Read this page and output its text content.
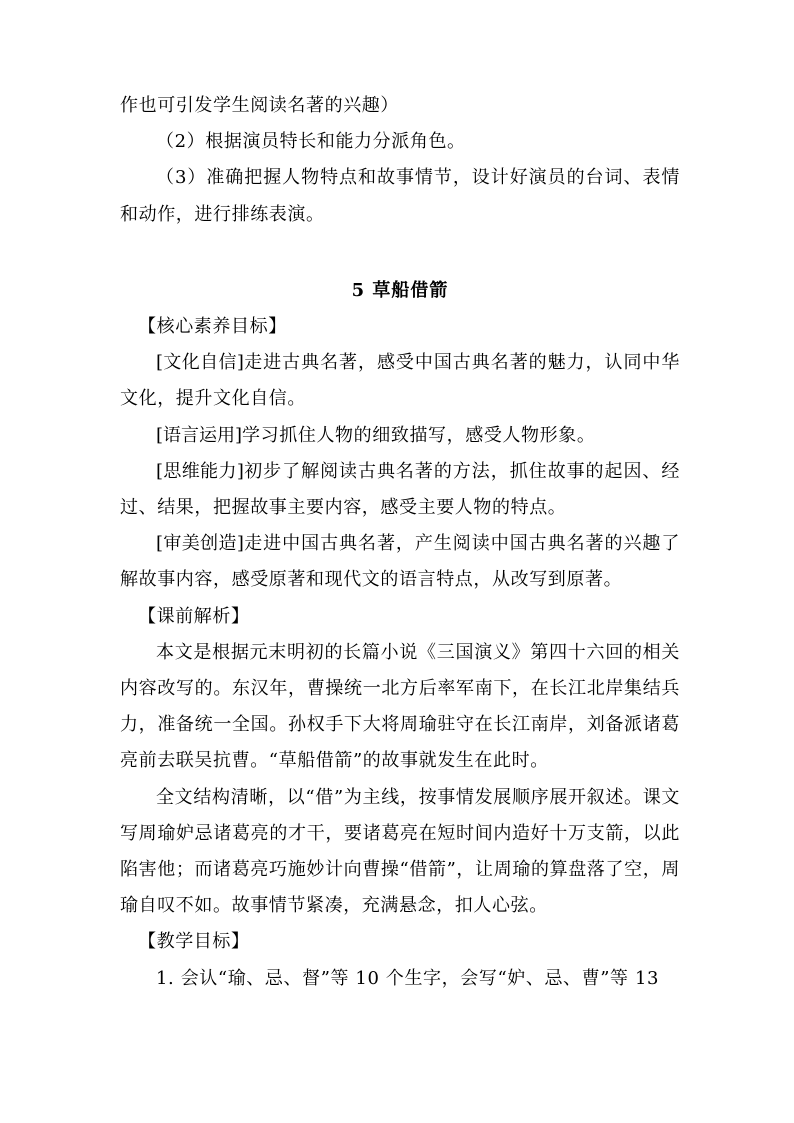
作也可引发学生阅读名著的兴趣）

（2）根据演员特长和能力分派角色。

（3）准确把握人物特点和故事情节，设计好演员的台词、表情和动作，进行排练表演。

5 草船借箭

【核心素养目标】

[文化自信]走进古典名著，感受中国古典名著的魅力，认同中华文化，提升文化自信。

[语言运用]学习抓住人物的细致描写，感受人物形象。

[思维能力]初步了解阅读古典名著的方法，抓住故事的起因、经过、结果，把握故事主要内容，感受主要人物的特点。

[审美创造]走进中国古典名著，产生阅读中国古典名著的兴趣了解故事内容，感受原著和现代文的语言特点，从改写到原著。

【课前解析】

本文是根据元末明初的长篇小说《三国演义》第四十六回的相关内容改写的。东汉年，曹操统一北方后率军南下，在长江北岸集结兵力，准备统一全国。孙权手下大将周瑜驻守在长江南岸，刘备派诸葛亮前去联吴抗曹。“草船借箭”的故事就发生在此时。

全文结构清晰，以“借”为主线，按事情发展顺序展开叙述。课文写周瑜妒忌诸葛亮的才干，要诸葛亮在短时间内造好十万支箭，以此陷害他；而诸葛亮巧施妙计向曹操“借箭”，让周瑜的算盘落了空，周瑜自叹不如。故事情节紧凑，充满悬念，扣人心弦。

【教学目标】

1. 会认“瑜、忌、督”等 10 个生字，会写“妒、忌、曹”等 13
